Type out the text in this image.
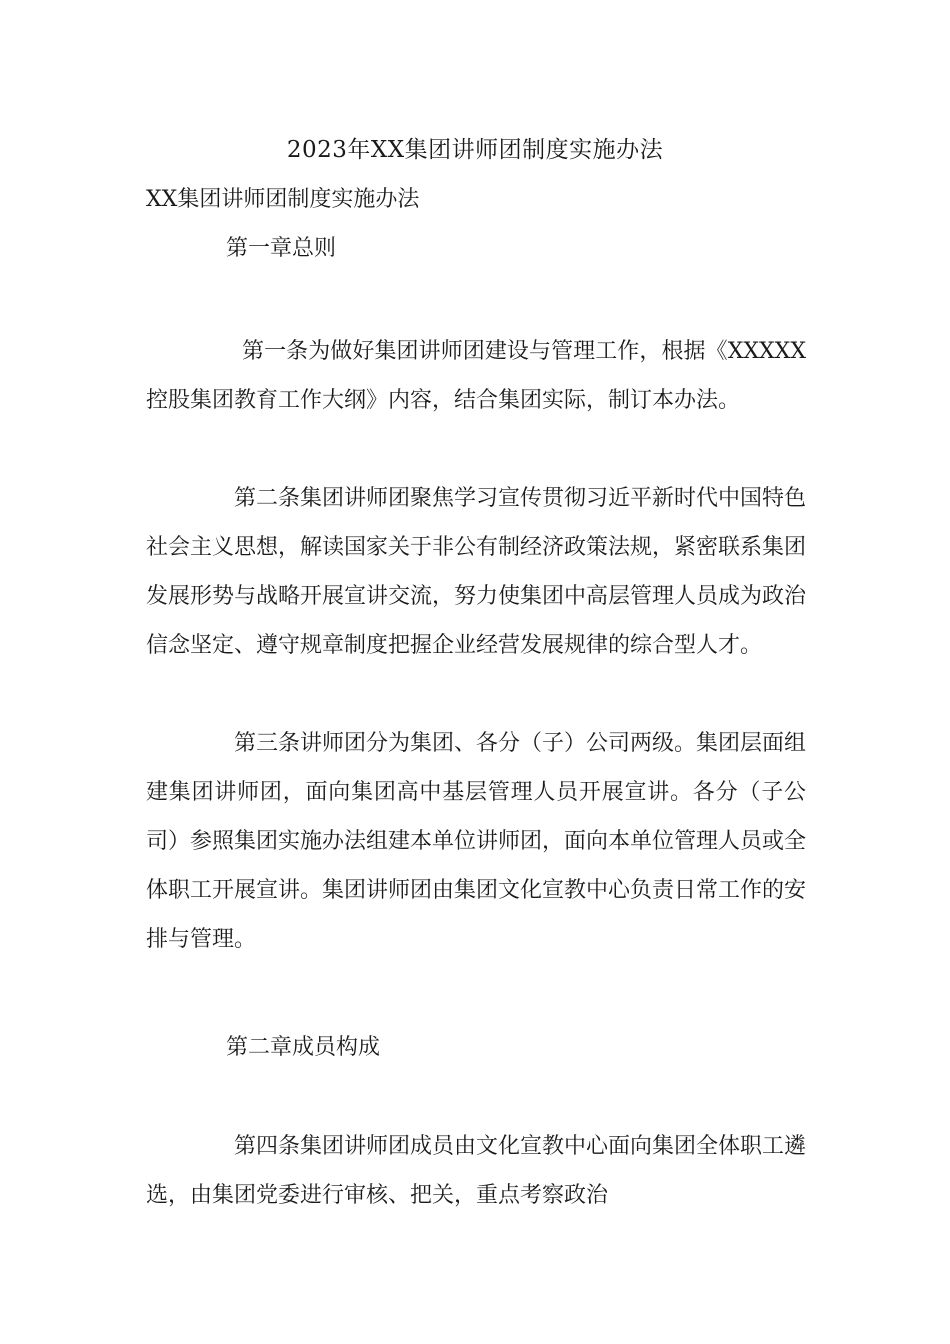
2023年XX集团讲师团制度实施办法
XX集团讲师团制度实施办法
第一章总则
第一条为做好集团讲师团建设与管理工作，根据《XXXXX控股集团教育工作大纲》内容，结合集团实际，制订本办法。
第二条集团讲师团聚焦学习宣传贯彻习近平新时代中国特色社会主义思想，解读国家关于非公有制经济政策法规，紧密联系集团发展形势与战略开展宣讲交流，努力使集团中高层管理人员成为政治信念坚定、遵守规章制度把握企业经营发展规律的综合型人才。
第三条讲师团分为集团、各分（子）公司两级。集团层面组建集团讲师团，面向集团高中基层管理人员开展宣讲。各分（子公司）参照集团实施办法组建本单位讲师团，面向本单位管理人员或全体职工开展宣讲。集团讲师团由集团文化宣教中心负责日常工作的安排与管理。
第二章成员构成
第四条集团讲师团成员由文化宣教中心面向集团全体职工遴选，由集团党委进行审核、把关，重点考察政治
